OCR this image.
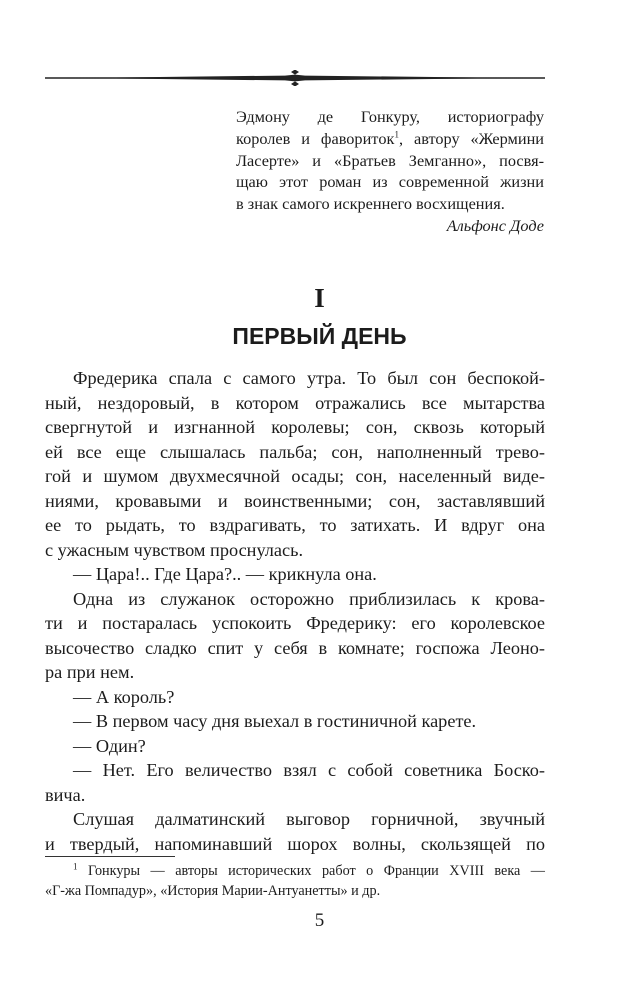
Эдмону де Гонкуру, историографу
королев и фаворитoк$^1$, автору «Жермини
Ласерте» и «Братьев Земганно», посвя-
щаю этот роман из современной жизни
в знак самого искреннего восхищения.
Альфонс Доде
I
ПЕРВЫЙ ДЕНЬ
Фредерика спала с самого утра. То был сон беспокой-
ный, нездоровый, в котором отражались все мытарства
свергнутой и изгнанной королевы; сон, сквозь который
ей все еще слышалась пальба; сон, наполненный трево-
гой и шумом двухмесячной осады; сон, населенный виде-
ниями, кровавыми и воинственными; сон, заставлявший
ее то рыдать, то вздрагивать, то затихать. И вдруг она
с ужасным чувством проснулась.
— Цара!.. Где Цара?.. — крикнула она.
Одна из служанок осторожно приблизилась к крова-
ти и постаралась успокоить Фредерику: его королевское
высочество сладко спит у себя в комнате; госпожа Леоно-
ра при нем.
— А король?
— В первом часу дня выехал в гостиничной карете.
— Один?
— Нет. Его величество взял с собой советника Боско-
вича.
Слушая далматинский выговор горничной, звучный
и твердый, напоминавший шорох волны, скользящей по
$^1$ Гонкуры — авторы исторических работ о Франции XVIII века —
«Г-жа Помпадур», «История Марии-Антуанетты» и др.
5
